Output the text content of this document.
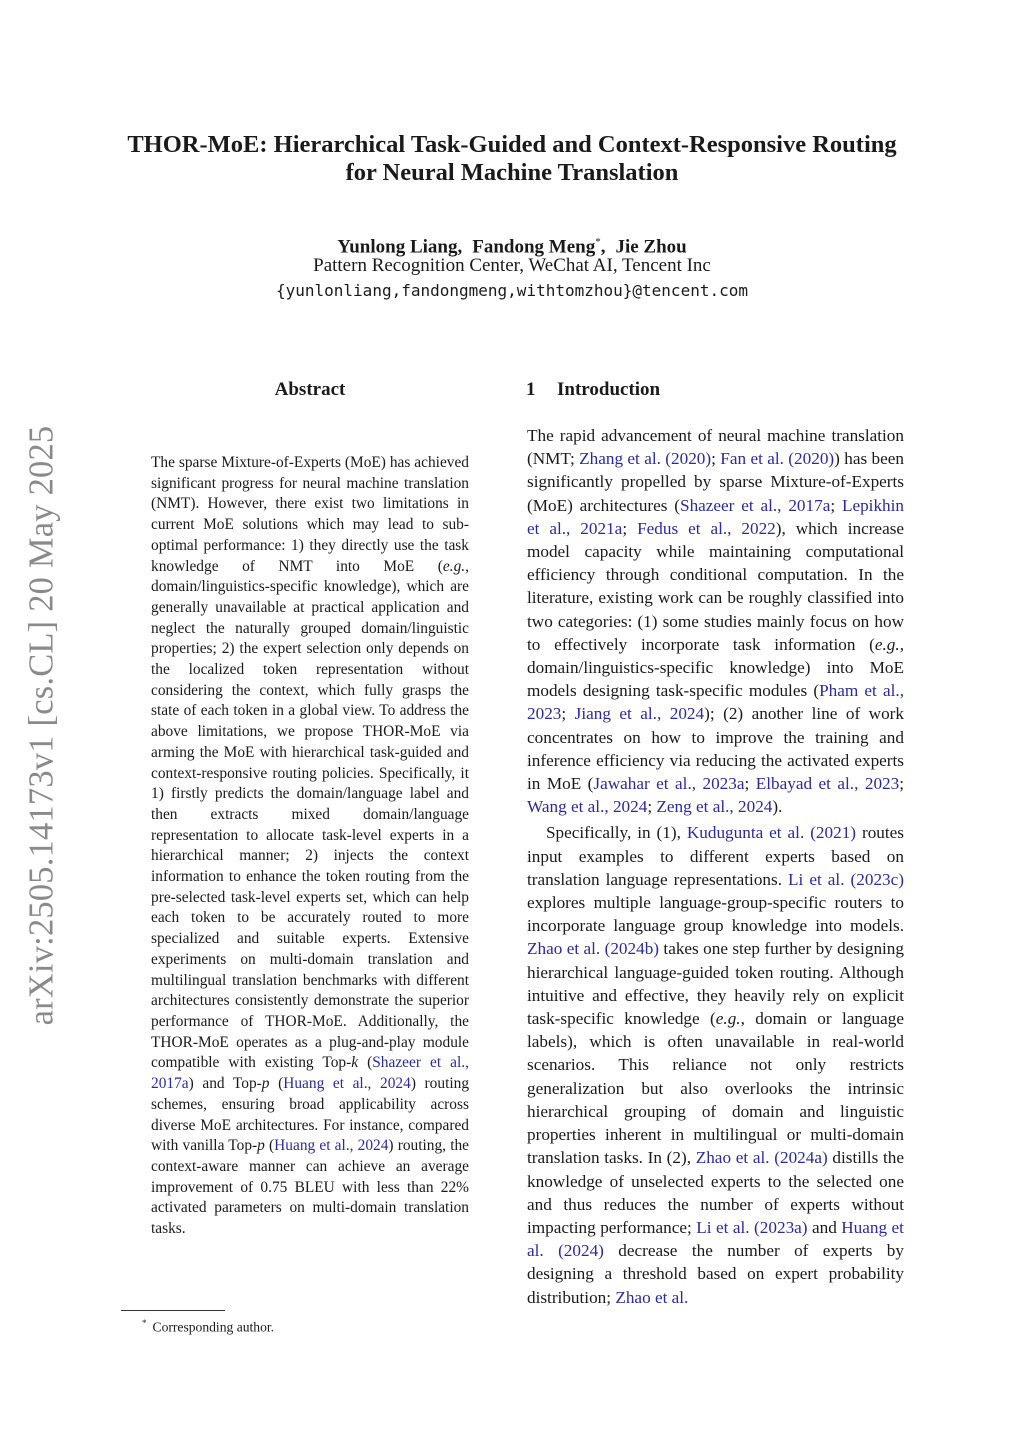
arXiv:2505.14173v1 [cs.CL] 20 May 2025
THOR-MoE: Hierarchical Task-Guided and Context-Responsive Routing
for Neural Machine Translation
Yunlong Liang, Fandong Meng*, Jie Zhou
Pattern Recognition Center, WeChat AI, Tencent Inc
{yunlonliang,fandongmeng,withtomzhou}@tencent.com
Abstract
The sparse Mixture-of-Experts (MoE) has achieved significant progress for neural machine translation (NMT). However, there exist two limitations in current MoE solutions which may lead to sub-optimal performance: 1) they directly use the task knowledge of NMT into MoE (e.g., domain/linguistics-specific knowledge), which are generally unavailable at practical application and neglect the naturally grouped domain/linguistic properties; 2) the expert selection only depends on the localized token representation without considering the context, which fully grasps the state of each token in a global view. To address the above limitations, we propose THOR-MoE via arming the MoE with hierarchical task-guided and context-responsive routing policies. Specifically, it 1) firstly predicts the domain/language label and then extracts mixed domain/language representation to allocate task-level experts in a hierarchical manner; 2) injects the context information to enhance the token routing from the pre-selected task-level experts set, which can help each token to be accurately routed to more specialized and suitable experts. Extensive experiments on multi-domain translation and multilingual translation benchmarks with different architectures consistently demonstrate the superior performance of THOR-MoE. Additionally, the THOR-MoE operates as a plug-and-play module compatible with existing Top-k (Shazeer et al., 2017a) and Top-p (Huang et al., 2024) routing schemes, ensuring broad applicability across diverse MoE architectures. For instance, compared with vanilla Top-p (Huang et al., 2024) routing, the context-aware manner can achieve an average improvement of 0.75 BLEU with less than 22% activated parameters on multi-domain translation tasks.
1 Introduction

The rapid advancement of neural machine translation (NMT; Zhang et al. (2020); Fan et al. (2020)) has been significantly propelled by sparse Mixture-of-Experts (MoE) architectures (Shazeer et al., 2017a; Lepikhin et al., 2021a; Fedus et al., 2022), which increase model capacity while maintaining computational efficiency through conditional computation. In the literature, existing work can be roughly classified into two categories: (1) some studies mainly focus on how to effectively incorporate task information (e.g., domain/linguistics-specific knowledge) into MoE models designing task-specific modules (Pham et al., 2023; Jiang et al., 2024); (2) another line of work concentrates on how to improve the training and inference efficiency via reducing the activated experts in MoE (Jawahar et al., 2023a; Elbayad et al., 2023; Wang et al., 2024; Zeng et al., 2024).

Specifically, in (1), Kudugunta et al. (2021) routes input examples to different experts based on translation language representations. Li et al. (2023c) explores multiple language-group-specific routers to incorporate language group knowledge into models. Zhao et al. (2024b) takes one step further by designing hierarchical language-guided token routing. Although intuitive and effective, they heavily rely on explicit task-specific knowledge (e.g., domain or language labels), which is often unavailable in real-world scenarios. This reliance not only restricts generalization but also overlooks the intrinsic hierarchical grouping of domain and linguistic properties inherent in multilingual or multi-domain translation tasks. In (2), Zhao et al. (2024a) distills the knowledge of unselected experts to the selected one and thus reduces the number of experts without impacting performance; Li et al. (2023a) and Huang et al. (2024) decrease the number of experts by designing a threshold based on expert probability distribution; Zhao et al.

* Corresponding author.
